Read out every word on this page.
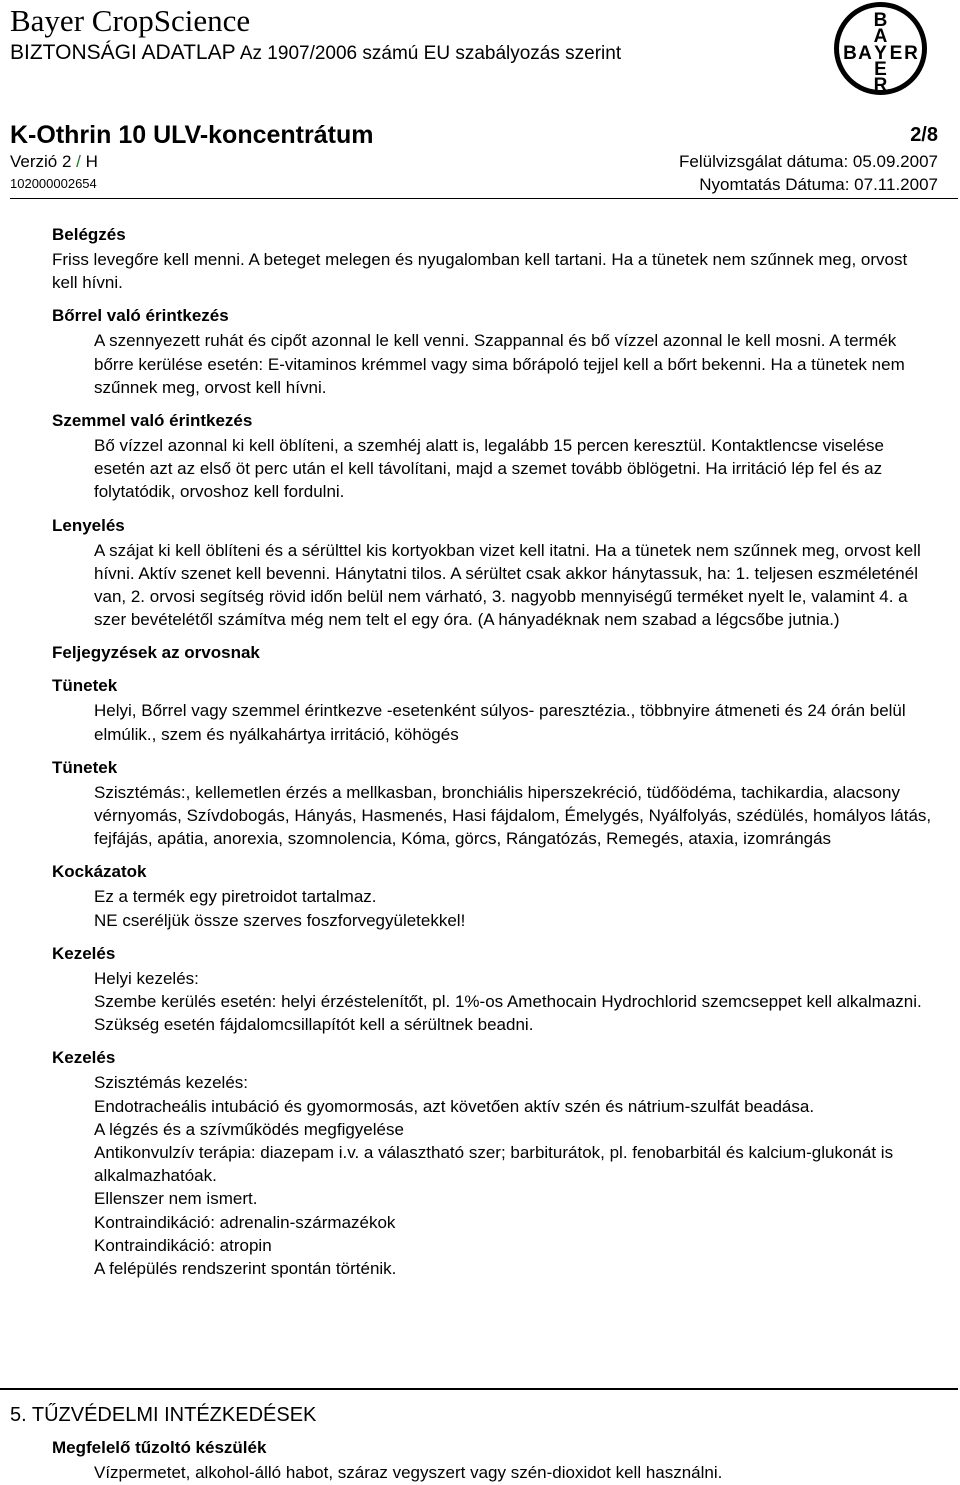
Bayer CropScience
BIZTONSÁGI ADATLAP Az 1907/2006 számú EU szabályozás szerint
B
A
B A Y E R
E
R
K-Othrin 10 ULV-koncentrátum	2/8
Verzió 2 / H	Felülvizsgálat dátuma: 05.09.2007
102000002654	Nyomtatás Dátuma: 07.11.2007
Belégzés
Friss levegőre kell menni. A beteget melegen és nyugalomban kell tartani. Ha a tünetek nem szűnnek meg, orvost kell hívni.
Bőrrel való érintkezés
A szennyezett ruhát és cipőt azonnal le kell venni. Szappannal és bő vízzel azonnal le kell mosni. A termék bőrre kerülése esetén: E-vitaminos krémmel vagy sima bőrápoló tejjel kell a bőrt bekenni. Ha a tünetek nem szűnnek meg, orvost kell hívni.
Szemmel való érintkezés
Bő vízzel azonnal ki kell öblíteni, a szemhéj alatt is, legalább 15 percen keresztül. Kontaktlencse viselése esetén azt az első öt perc után el kell távolítani, majd a szemet tovább öblögetni. Ha irritáció lép fel és az folytatódik, orvoshoz kell fordulni.
Lenyelés
A szájat ki kell öblíteni és a sérülttel kis kortyokban vizet kell itatni. Ha a tünetek nem szűnnek meg, orvost kell hívni. Aktív szenet kell bevenni. Hánytatni tilos. A sérültet csak akkor hánytassuk, ha: 1. teljesen eszméleténél van, 2. orvosi segítség rövid időn belül nem várható, 3. nagyobb mennyiségű terméket nyelt le, valamint 4. a szer bevételétől számítva még nem telt el egy óra. (A hányadéknak nem szabad a légcsőbe jutnia.)
Feljegyzések az orvosnak
Tünetek
Helyi, Bőrrel vagy szemmel érintkezve -esetenként súlyos- paresztézia., többnyire átmeneti és 24 órán belül elmúlik., szem és nyálkahártya irritáció, köhögés
Tünetek
Szisztémás:, kellemetlen érzés a mellkasban, bronchiális hiperszekréció, tüdőödéma, tachikardia, alacsony vérnyomás, Szívdobogás, Hányás, Hasmenés, Hasi fájdalom, Émelygés, Nyálfolyás, szédülés, homályos látás, fejfájás, apátia, anorexia, szomnolencia, Kóma, görcs, Rángatózás, Remegés, ataxia, izomrángás
Kockázatok
Ez a termék egy piretroidot tartalmaz.
NE cseréljük össze szerves foszforvegyületekkel!
Kezelés
Helyi kezelés:
Szembe kerülés esetén: helyi érzéstelenítőt, pl. 1%-os Amethocain Hydrochlorid szemcseppet kell alkalmazni. Szükség esetén fájdalomcsillapítót kell a sérültnek beadni.
Kezelés
Szisztémás kezelés:
Endotracheális intubáció és gyomormosás, azt követően aktív szén és nátrium-szulfát beadása.
A légzés és a szívműködés megfigyelése
Antikonvulzív terápia: diazepam i.v. a választható szer; barbiturátok, pl. fenobarbitál és kalcium-glukonát is alkalmazhatóak.
Ellenszer nem ismert.
Kontraindikáció: adrenalin-származékok
Kontraindikáció: atropin
A felépülés rendszerint spontán történik.
5. TŰZVÉDELMI INTÉZKEDÉSEK
Megfelelő tűzoltó készülék
Vízpermetet, alkohol-álló habot, száraz vegyszert vagy szén-dioxidot kell használni.
